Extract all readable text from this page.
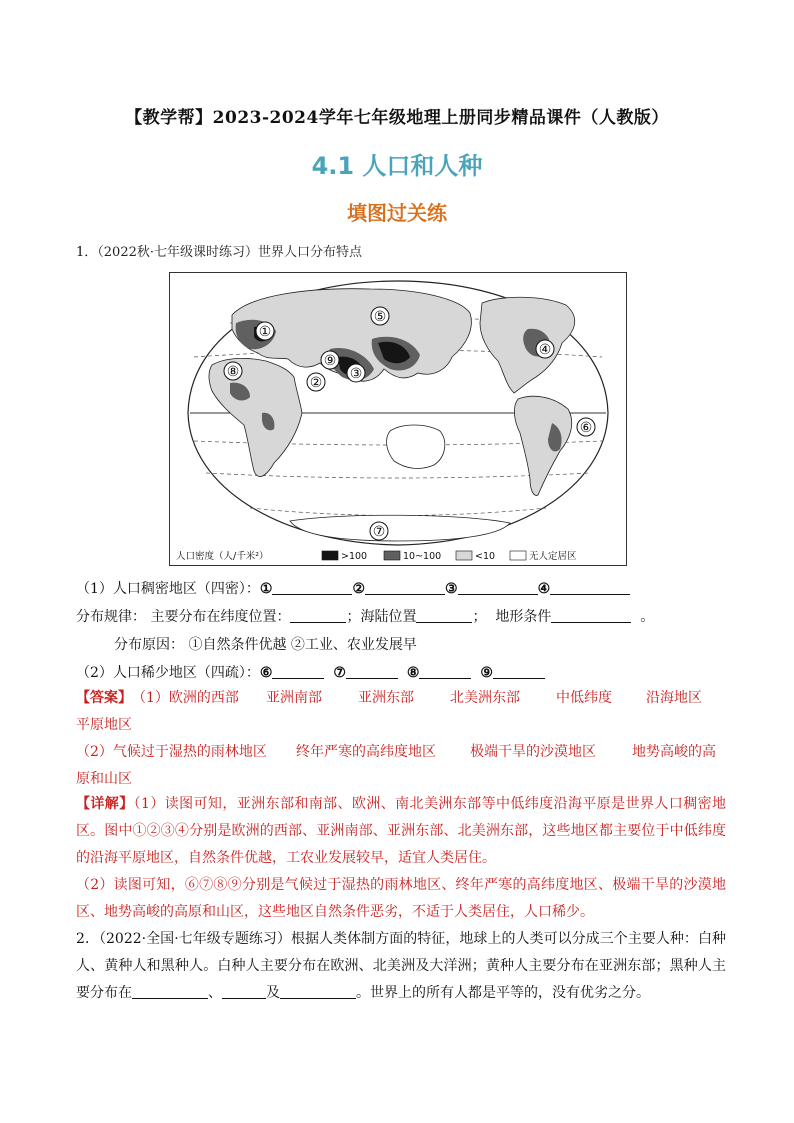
【教学帮】2023-2024学年七年级地理上册同步精品课件（人教版）
4.1 人口和人种
填图过关练
1．（2022秋·七年级课时练习）世界人口分布特点
①
②
③
④
⑤
⑥
⑦
⑧
⑨
人口密度（人/千米²）	>100	10~100	<10	无人定居区
（1）人口稠密地区（四密）：①	②	③	④
分布规律： 主要分布在纬度位置：	；海陆位置	； 地形条件	。
分布原因： ①自然条件优越 ②工业、农业发展早
（2）人口稀少地区（四疏）：⑥	⑦	⑧	⑨
【答案】 （1）欧洲的西部 亚洲南部	亚洲东部	北美洲东部	中低纬度 沿海地区
平原地区
（2）气候过于湿热的雨林地区 终年严寒的高纬度地区 极端干旱的沙漠地区	地势高峻的高
原和山区
【详解】（1）读图可知，亚洲东部和南部、欧洲、南北美洲东部等中低纬度沿海平原是世界人口稠密地区。图中①②③④分别是欧洲的西部、亚洲南部、亚洲东部、北美洲东部，这些地区都主要位于中低纬度的沿海平原地区，自然条件优越，工农业发展较早，适宜人类居住。
（2）读图可知，⑥⑦⑧⑨分别是气候过于湿热的雨林地区、终年严寒的高纬度地区、极端干旱的沙漠地区、地势高峻的高原和山区，这些地区自然条件恶劣，不适于人类居住，人口稀少。
2．（2022·全国·七年级专题练习）根据人类体制方面的特征，地球上的人类可以分成三个主要人种：白种人、黄种人和黑种人。白种人主要分布在欧洲、北美洲及大洋洲；黄种人主要分布在亚洲东部；黑种人主要分布在	、	及	。世界上的所有人都是平等的，没有优劣之分。
